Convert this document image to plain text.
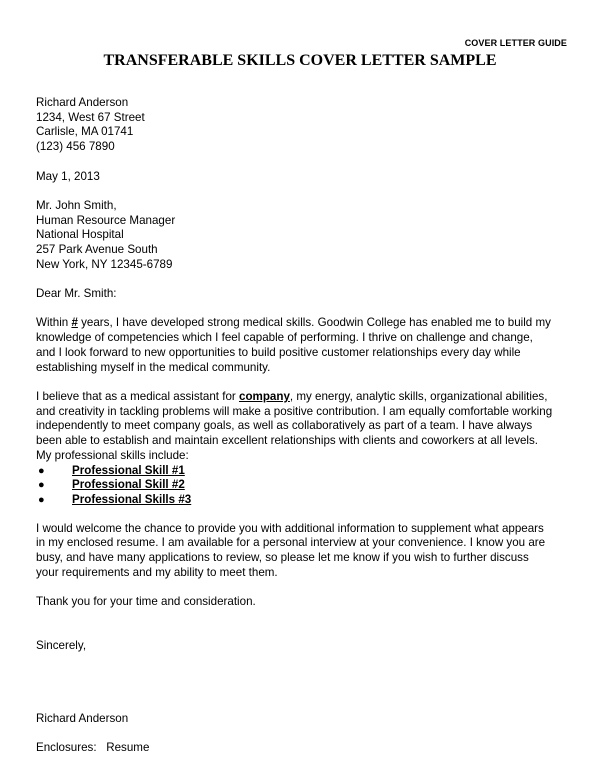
COVER LETTER GUIDE
TRANSFERABLE SKILLS COVER LETTER SAMPLE
Richard Anderson
1234, West 67 Street
Carlisle, MA 01741
(123) 456 7890
May 1, 2013
Mr. John Smith,
Human Resource Manager
National Hospital
257 Park Avenue South
New York, NY 12345-6789
Dear Mr. Smith:
Within # years, I have developed strong medical skills. Goodwin College has enabled me to build my
knowledge of competencies which I feel capable of performing. I thrive on challenge and change,
and I look forward to new opportunities to build positive customer relationships every day while
establishing myself in the medical community.
I believe that as a medical assistant for company, my energy, analytic skills, organizational abilities,
and creativity in tackling problems will make a positive contribution. I am equally comfortable working
independently to meet company goals, as well as collaboratively as part of a team. I have always
been able to establish and maintain excellent relationships with clients and coworkers at all levels.
My professional skills include:
● Professional Skill #1
● Professional Skill #2
● Professional Skills #3
I would welcome the chance to provide you with additional information to supplement what appears
in my enclosed resume. I am available for a personal interview at your convenience. I know you are
busy, and have many applications to review, so please let me know if you wish to further discuss
your requirements and my ability to meet them.
Thank you for your time and consideration.
Sincerely,
Richard Anderson
Enclosures:   Resume
